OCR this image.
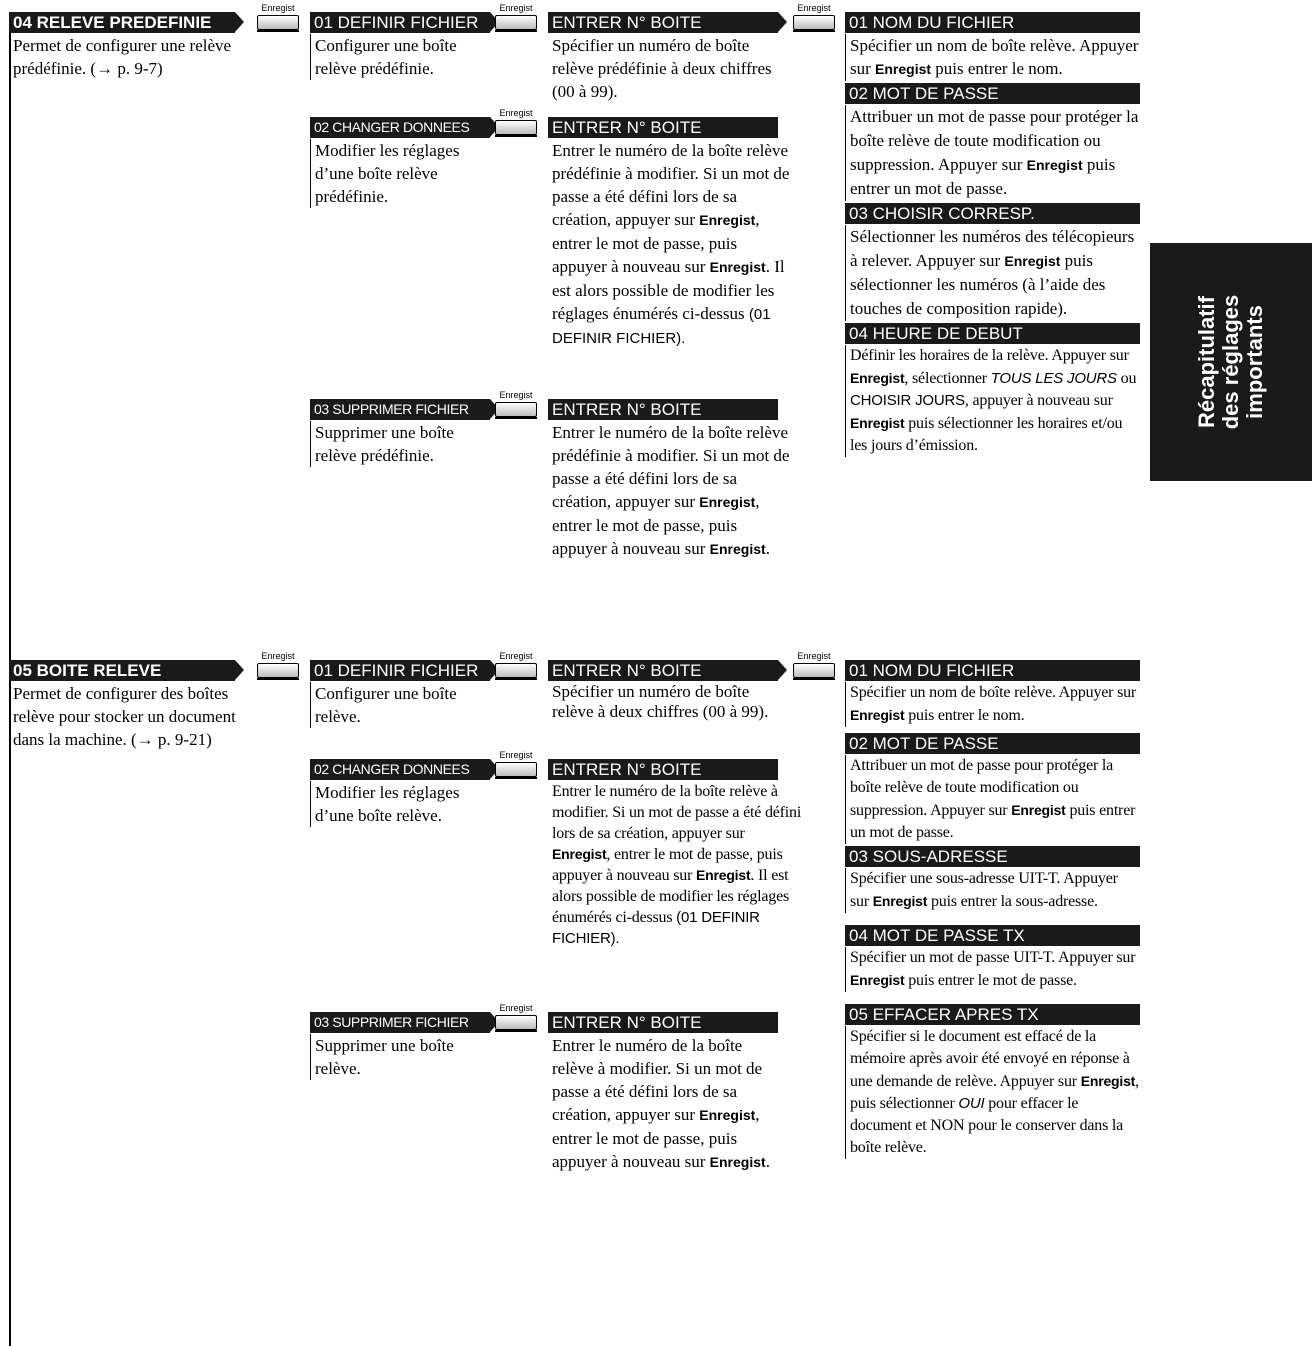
04 RELEVE PREDEFINIE
Permet de configurer une relève prédéfinie. (→ p. 9-7)
Enregist
01 DEFINIR FICHIER
Configurer une boîte relève prédéfinie.
Enregist
ENTRER N° BOITE
Spécifier un numéro de boîte relève prédéfinie à deux chiffres (00 à 99).
Enregist
02 CHANGER DONNEES
Modifier les réglages d’une boîte relève prédéfinie.
Enregist
ENTRER N° BOITE
Entrer le numéro de la boîte relève prédéfinie à modifier. Si un mot de passe a été défini lors de sa création, appuyer sur Enregist, entrer le mot de passe, puis appuyer à nouveau sur Enregist. Il est alors possible de modifier les réglages énumérés ci-dessus (01 DEFINIR FICHIER).
03 SUPPRIMER FICHIER
Supprimer une boîte relève prédéfinie.
Enregist
ENTRER N° BOITE
Entrer le numéro de la boîte relève prédéfinie à modifier. Si un mot de passe a été défini lors de sa création, appuyer sur Enregist, entrer le mot de passe, puis appuyer à nouveau sur Enregist.
01 NOM DU FICHIER
Spécifier un nom de boîte relève. Appuyer sur Enregist puis entrer le nom.
02 MOT DE PASSE
Attribuer un mot de passe pour protéger la boîte relève de toute modification ou suppression. Appuyer sur Enregist puis entrer un mot de passe.
03 CHOISIR CORRESP.
Sélectionner les numéros des télécopieurs à relever. Appuyer sur Enregist puis sélectionner les numéros (à l’aide des touches de composition rapide).
04 HEURE DE DEBUT
Définir les horaires de la relève. Appuyer sur Enregist, sélectionner TOUS LES JOURS ou CHOISIR JOURS, appuyer à nouveau sur Enregist puis sélectionner les horaires et/ou les jours d’émission.
05 BOITE RELEVE
Permet de configurer des boîtes relève pour stocker un document dans la machine. (→ p. 9-21)
Enregist
01 DEFINIR FICHIER
Configurer une boîte relève.
Enregist
ENTRER N° BOITE
Spécifier un numéro de boîte relève à deux chiffres (00 à 99).
Enregist
02 CHANGER DONNEES
Modifier les réglages d’une boîte relève.
Enregist
ENTRER N° BOITE
Entrer le numéro de la boîte relève à modifier. Si un mot de passe a été défini lors de sa création, appuyer sur Enregist, entrer le mot de passe, puis appuyer à nouveau sur Enregist. Il est alors possible de modifier les réglages énumérés ci-dessus (01 DEFINIR FICHIER).
03 SUPPRIMER FICHIER
Supprimer une boîte relève.
Enregist
ENTRER N° BOITE
Entrer le numéro de la boîte relève à modifier. Si un mot de passe a été défini lors de sa création, appuyer sur Enregist, entrer le mot de passe, puis appuyer à nouveau sur Enregist.
01 NOM DU FICHIER
Spécifier un nom de boîte relève. Appuyer sur Enregist puis entrer le nom.
02 MOT DE PASSE
Attribuer un mot de passe pour protéger la boîte relève de toute modification ou suppression. Appuyer sur Enregist puis entrer un mot de passe.
03 SOUS-ADRESSE
Spécifier une sous-adresse UIT-T. Appuyer sur Enregist puis entrer la sous-adresse.
04 MOT DE PASSE TX
Spécifier un mot de passe UIT-T. Appuyer sur Enregist puis entrer le mot de passe.
05 EFFACER APRES TX
Spécifier si le document est effacé de la mémoire après avoir été envoyé en réponse à une demande de relève. Appuyer sur Enregist, puis sélectionner OUI pour effacer le document et NON pour le conserver dans la boîte relève.
Récapitulatif des réglages importants
